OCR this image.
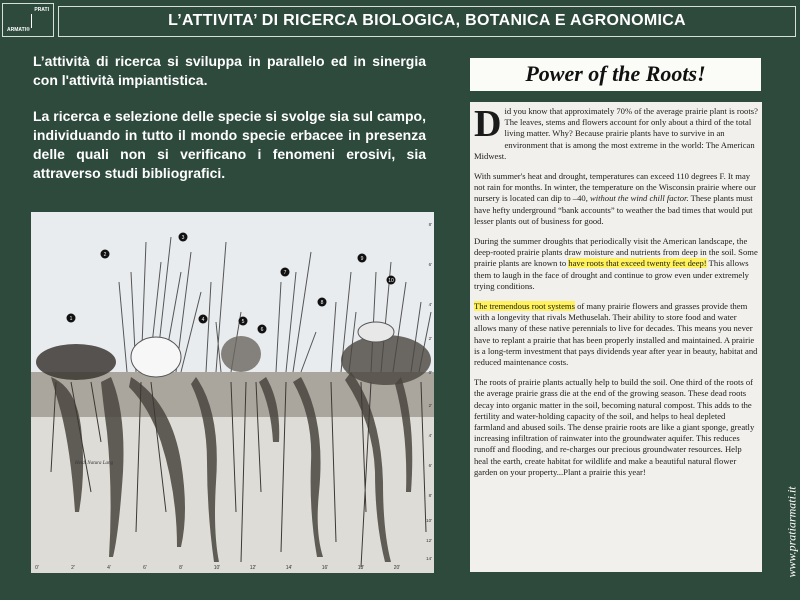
PRATI
ARMATI®
L’ATTIVITA’ DI RICERCA BIOLOGICA, BOTANICA E AGRONOMICA
L’attività di ricerca si sviluppa in parallelo ed in sinergia con l'attività impiantistica.
La ricerca e selezione delle specie si svolge sia sul campo, individuando in tutto il mondo specie erbacee in presenza delle quali non si verificano i fenomeni erosivi, sia attraverso studi bibliografici.
1
2
3
4	5
6
7
8
9
10
0'	2'	4'	6'	8'	10'	12'	14'	16'	18'	20'
8'
6'
4'
2'
0'
2'
4'
6'
8'
10'
12'
14'
Heidi Natura Lang
Power of the Roots!

Did you know that approximately 70% of the average prairie plant is roots? The leaves, stems and flowers account for only about a third of the total living matter. Why? Because prairie plants have to survive in an environment that is among the most extreme in the world: The American Midwest.

With summer's heat and drought, temperatures can exceed 110 degrees F. It may not rain for months. In winter, the temperature on the Wisconsin prairie where our nursery is located can dip to –40, without the wind chill factor. These plants must have hefty underground “bank accounts” to weather the bad times that would put lesser plants out of business for good.

During the summer droughts that periodically visit the American landscape, the deep-rooted prairie plants draw moisture and nutrients from deep in the soil. Some prairie plants are known to have roots that exceed twenty feet deep! This allows them to laugh in the face of drought and continue to grow even under extremely trying conditions.

The tremendous root systems of many prairie flowers and grasses provide them with a longevity that rivals Methuselah. Their ability to store food and water allows many of these native perennials to live for decades. This means you never have to replant a prairie that has been properly installed and maintained. A prairie is a long-term investment that pays dividends year after year in beauty, habitat and reduced maintenance costs.

The roots of prairie plants actually help to build the soil. One third of the roots of the average prairie grass die at the end of the growing season. These dead roots decay into organic matter in the soil, becoming natural compost. This adds to the fertility and water-holding capacity of the soil, and helps to heal depleted farmland and abused soils. The dense prairie roots are like a giant sponge, greatly increasing infiltration of rainwater into the groundwater aquifer. This reduces runoff and flooding, and re-charges our precious groundwater resources. Help heal the earth, create habitat for wildlife and make a beautiful natural flower garden on your property...Plant a prairie this year!

www.pratiarmati.it
